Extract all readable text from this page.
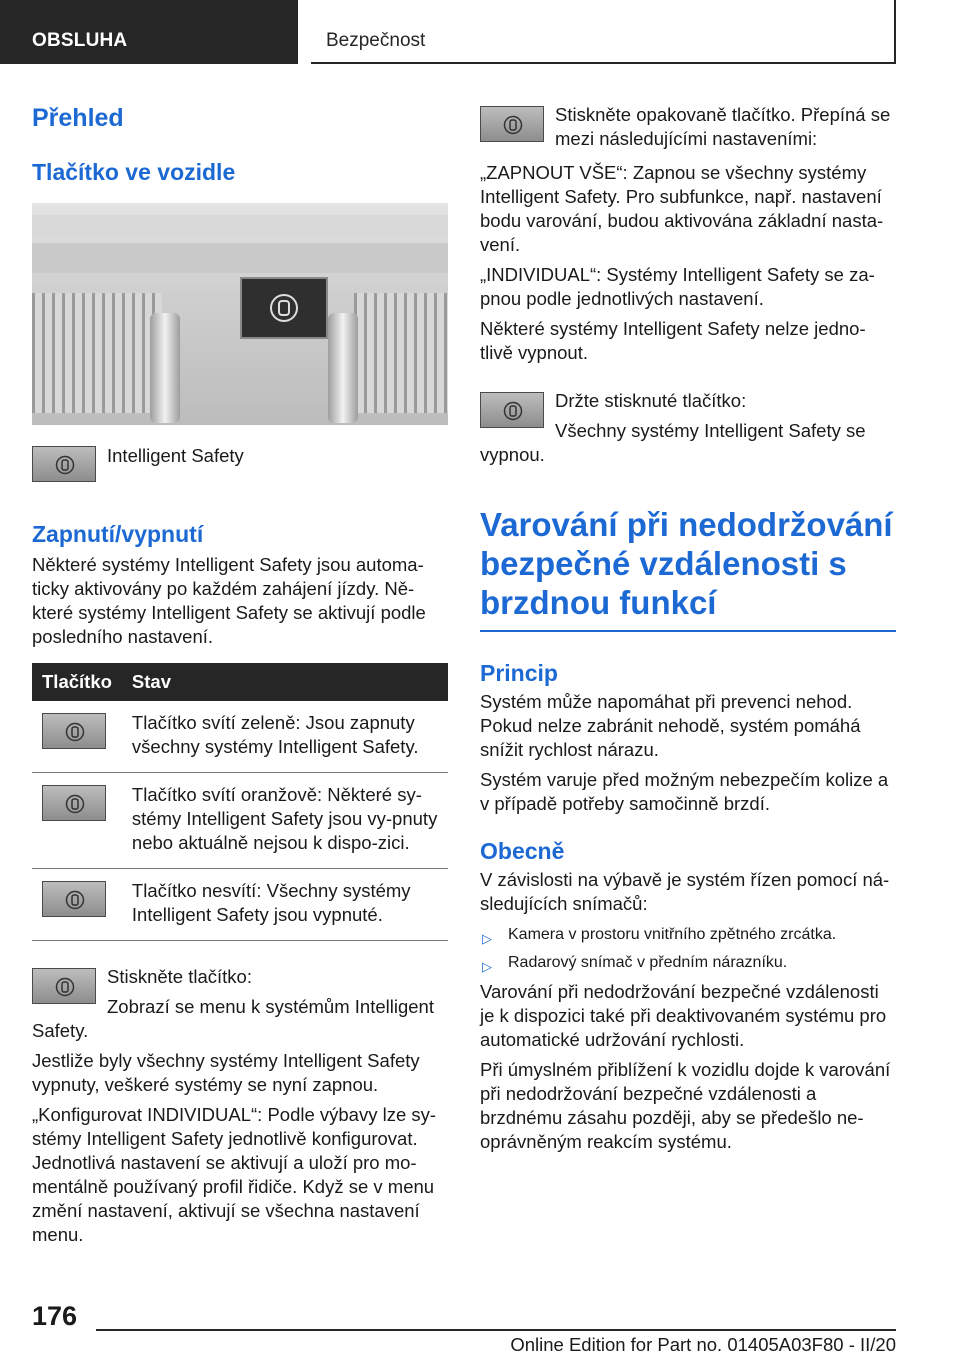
OBSLUHA	Bezpečnost
Přehled
Tlačítko ve vozidle

Intelligent Safety

Zapnutí/vypnutí

Některé systémy Intelligent Safety jsou automa-ticky aktivovány po každém zahájení jízdy. Ně-které systémy Intelligent Safety se aktivují podle posledního nastavení.

Tlačítko	Stav

	Tlačítko svítí zeleně: Jsou zapnuty všechny systémy Intelligent Safety.

	Tlačítko svítí oranžově: Některé sy-stémy Intelligent Safety jsou vy-pnuty nebo aktuálně nejsou k dispo-zici.

	Tlačítko nesvítí: Všechny systémy Intelligent Safety jsou vypnuté.

Stiskněte tlačítko:

Zobrazí se menu k systémům Intelligent Safety.

Jestliže byly všechny systémy Intelligent Safety vypnuty, veškeré systémy se nyní zapnou.

„Konfigurovat INDIVIDUAL“: Podle výbavy lze sy-stémy Intelligent Safety jednotlivě konfigurovat. Jednotlivá nastavení se aktivují a uloží pro mo-mentálně používaný profil řidiče. Když se v menu změní nastavení, aktivují se všechna nastavení menu.

Stiskněte opakovaně tlačítko. Přepíná se mezi následujícími nastaveními:

„ZAPNOUT VŠE“: Zapnou se všechny systémy Intelligent Safety. Pro subfunkce, např. nastavení bodu varování, budou aktivována základní nasta-vení.

„INDIVIDUAL“: Systémy Intelligent Safety se za-pnou podle jednotlivých nastavení.

Některé systémy Intelligent Safety nelze jedno-tlivě vypnout.

Držte stisknuté tlačítko:

Všechny systémy Intelligent Safety se vypnou.

Varování při nedodržování bezpečné vzdálenosti s brzdnou funkcí
Princip

Systém může napomáhat při prevenci nehod. Pokud nelze zabránit nehodě, systém pomáhá snížit rychlost nárazu.

Systém varuje před možným nebezpečím kolize a v případě potřeby samočinně brzdí.

Obecně

V závislosti na výbavě je systém řízen pomocí ná-sledujících snímačů:

▷ Kamera v prostoru vnitřního zpětného zrcátka.
▷ Radarový snímač v předním nárazníku.

Varování při nedodržování bezpečné vzdálenosti je k dispozici také při deaktivovaném systému pro automatické udržování rychlosti.

Při úmyslném přiblížení k vozidlu dojde k varování při nedodržování bezpečné vzdálenosti a brzdnému zásahu později, aby se předešlo ne-oprávněným reakcím systému.

176
Online Edition for Part no. 01405A03F80 - II/20
